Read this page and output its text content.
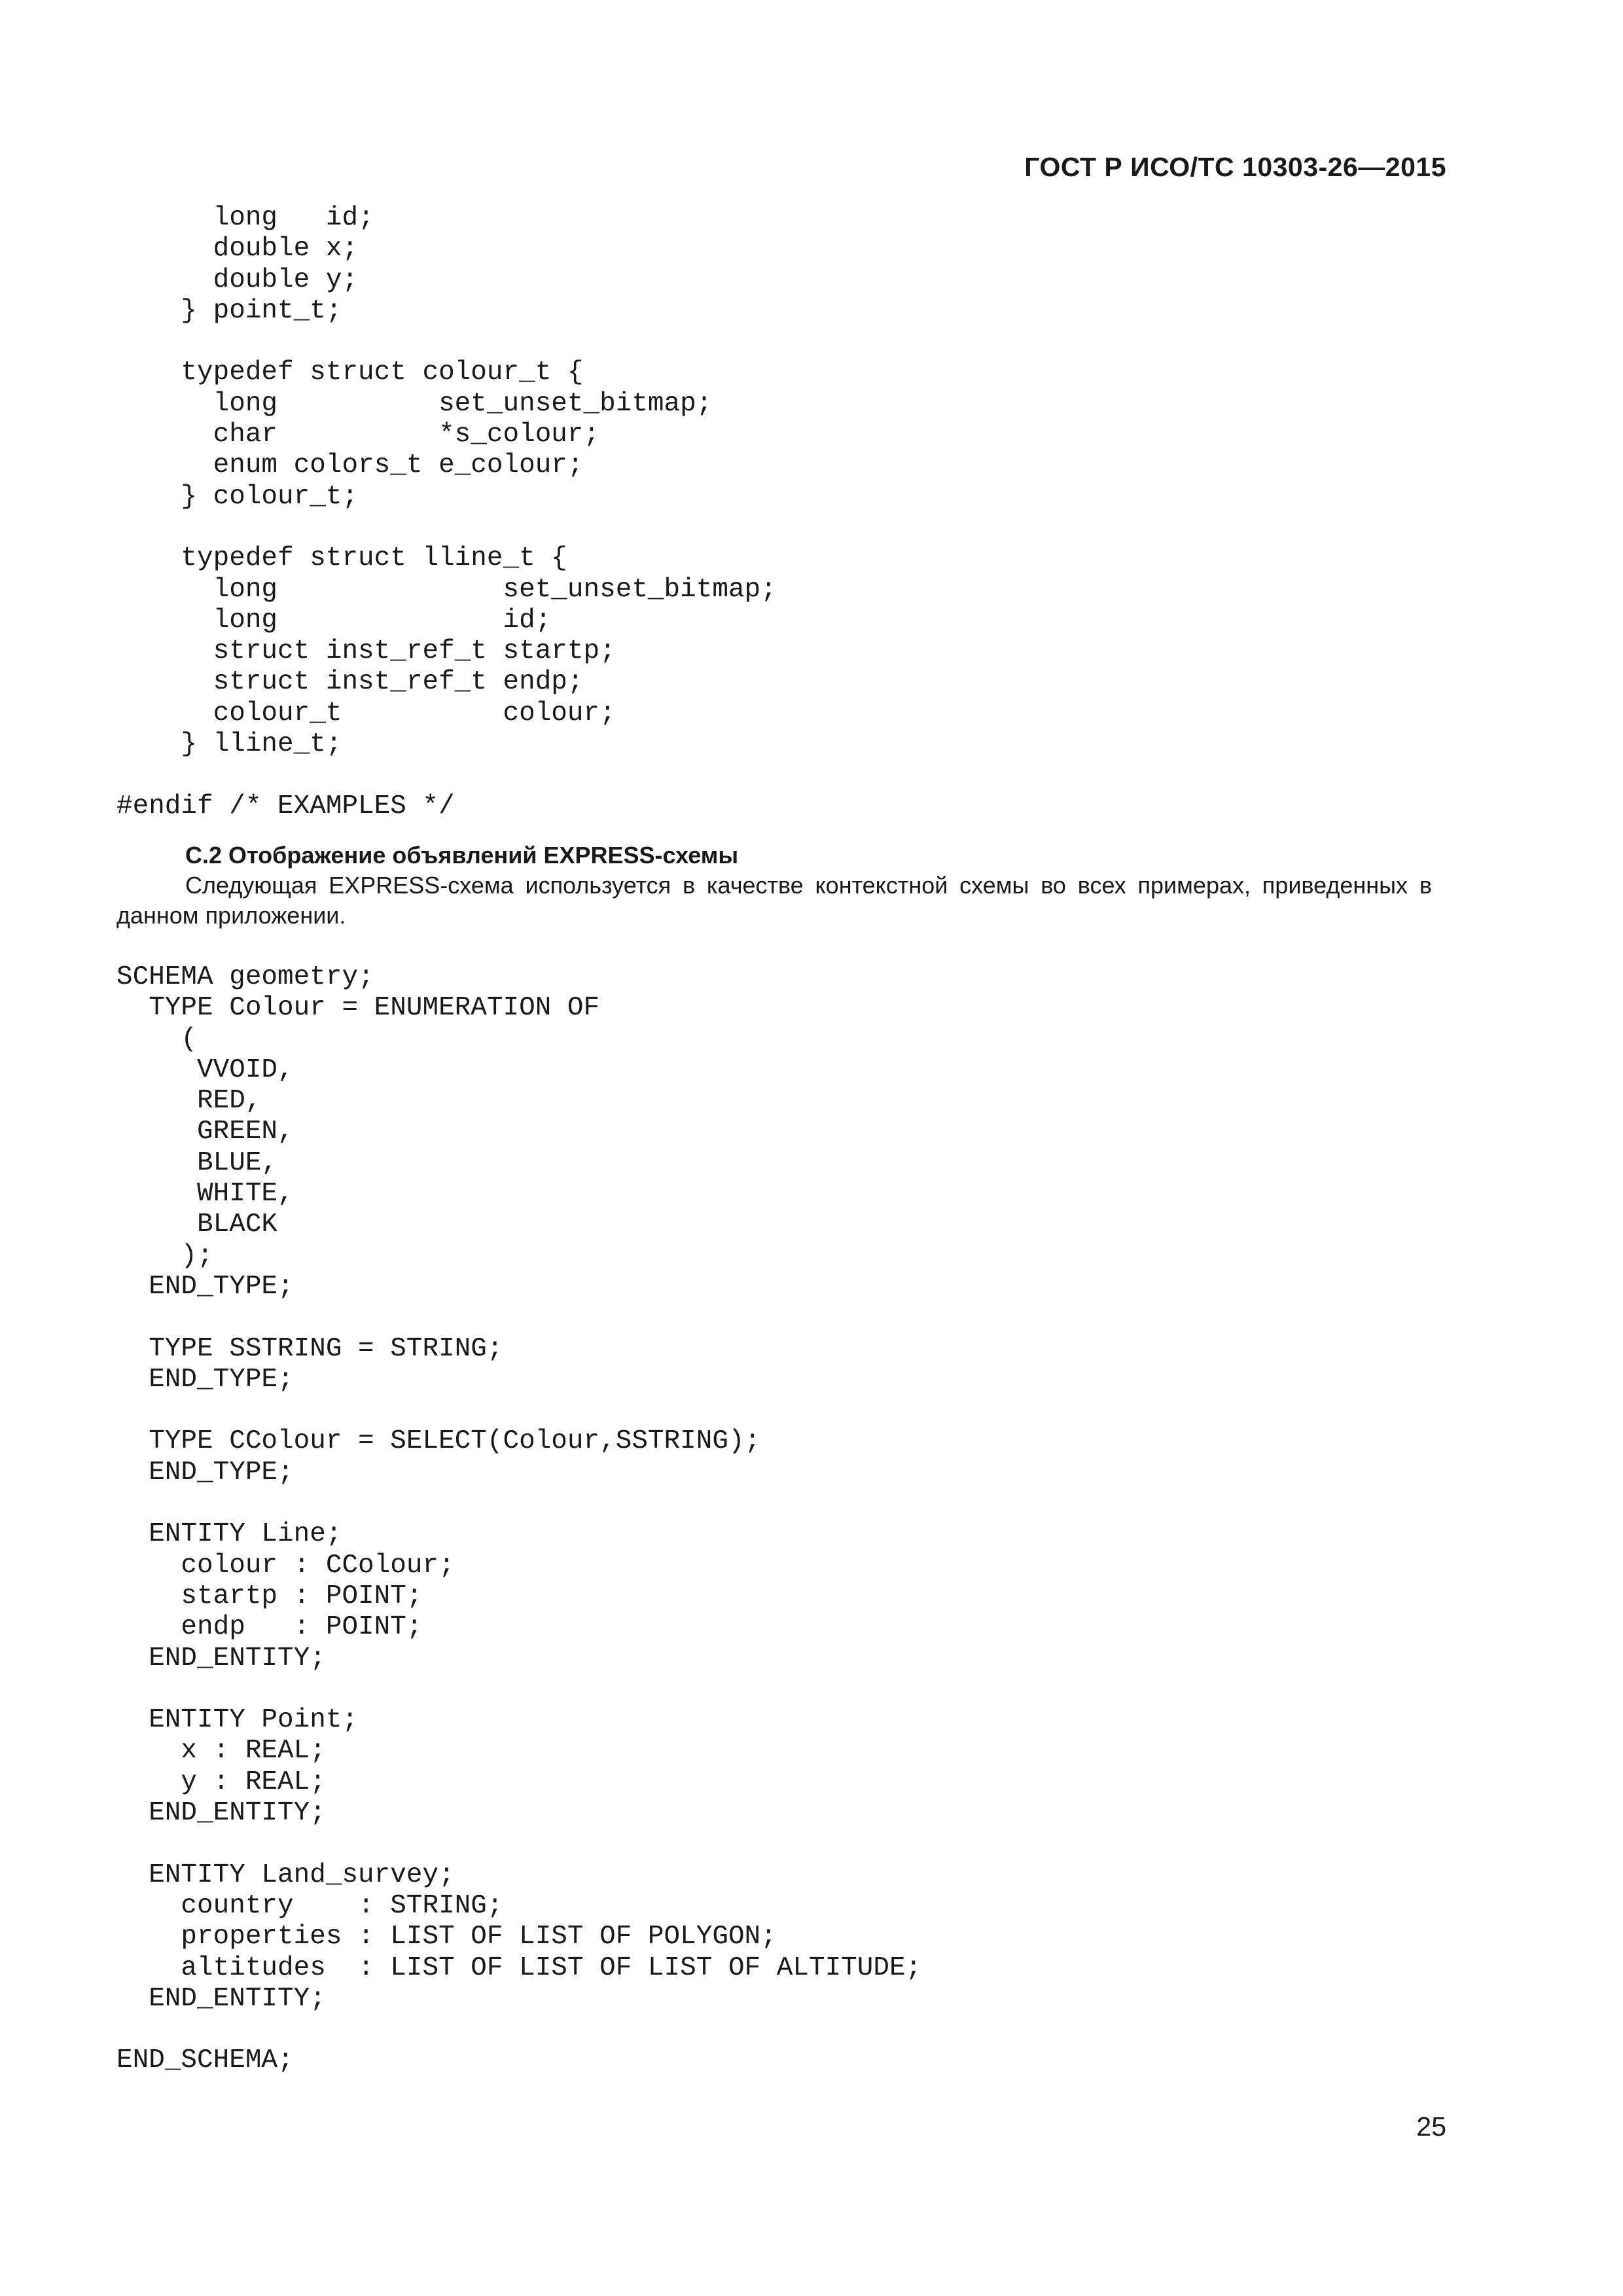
ГОСТ Р ИСО/ТС 10303-26—2015

long   id;
double x;
double y;
} point_t;

typedef struct colour_t {
long          set_unset_bitmap;
char          *s_colour;
enum colors_t e_colour;
} colour_t;

typedef struct lline_t {
long              set_unset_bitmap;
long              id;
struct inst_ref_t startp;
struct inst_ref_t endp;
colour_t          colour;
} lline_t;

#endif /* EXAMPLES */

С.2 Отображение объявлений EXPRESS-схемы

Следующая EXPRESS-схема используется в качестве контекстной схемы во всех примерах, приведенных в данном приложении.

SCHEMA geometry;
TYPE Colour = ENUMERATION OF
(
VVOID,
RED,
GREEN,
BLUE,
WHITE,
BLACK
);
END_TYPE;

TYPE SSTRING = STRING;
END_TYPE;

TYPE CColour = SELECT(Colour,SSTRING);
END_TYPE;

ENTITY Line;
colour : CColour;
startp : POINT;
endp   : POINT;
END_ENTITY;

ENTITY Point;
x : REAL;
y : REAL;
END_ENTITY;

ENTITY Land_survey;
country    : STRING;
properties : LIST OF LIST OF POLYGON;
altitudes  : LIST OF LIST OF LIST OF ALTITUDE;
END_ENTITY;

END_SCHEMA;

25
